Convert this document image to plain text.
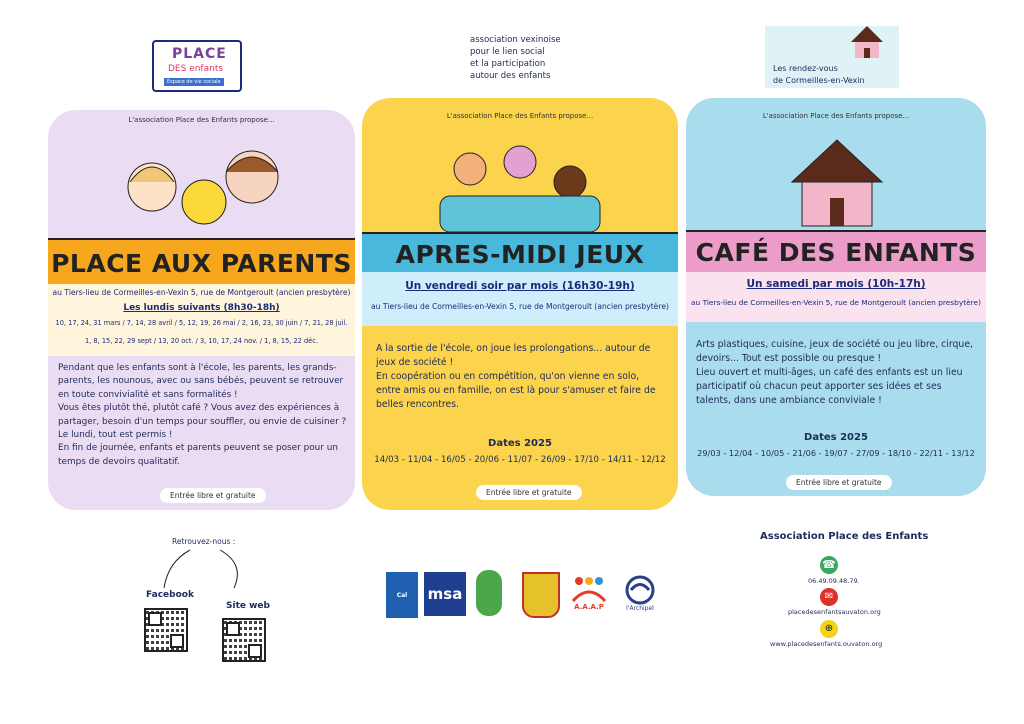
PLACE
DES enfants
Espace de vie sociale
association vexinoise
pour le lien social
et la participation
autour des enfants
Les rendez-vous
de Cormeilles-en-Vexin
L'association Place des Enfants propose...
PLACE AUX PARENTS
au Tiers-lieu de Cormeilles-en-Vexin 5, rue de Montgeroult (ancien presbytère)
Les lundis suivants (8h30-18h)
10, 17, 24, 31 mars / 7, 14, 28 avril / 5, 12, 19, 26 mai / 2, 16, 23, 30 juin / 7, 21, 28 juil.
1, 8, 15, 22, 29 sept / 13, 20 oct. / 3, 10, 17, 24 nov. / 1, 8, 15, 22 déc.
Pendant que les enfants sont à l'école, les parents, les grands-parents, les nounous, avec ou sans bébés, peuvent se retrouver en toute convivialité et sans formalités !
Vous êtes plutôt thé, plutôt café ? Vous avez des expériences à partager, besoin d'un temps pour souffler, ou envie de cuisiner ?
Le lundi, tout est permis !
En fin de journée, enfants et parents peuvent se poser pour un temps de devoirs qualitatif.
Entrée libre et gratuite
L'association Place des Enfants propose...
APRES-MIDI JEUX
Un vendredi soir par mois (16h30-19h)
au Tiers-lieu de Cormeilles-en-Vexin 5, rue de Montgeroult (ancien presbytère)
A la sortie de l'école, on joue les prolongations... autour de jeux de société !
En coopération ou en compétition, qu'on vienne en solo, entre amis ou en famille, on est là pour s'amuser et faire de belles rencontres.
Dates 2025
14/03 - 11/04 - 16/05 - 20/06 - 11/07 - 26/09 - 17/10 - 14/11 - 12/12
Entrée libre et gratuite
L'association Place des Enfants propose...
CAFÉ DES ENFANTS
Un samedi par mois (10h-17h)
au Tiers-lieu de Cormeilles-en-Vexin 5, rue de Montgeroult (ancien presbytère)
Arts plastiques, cuisine, jeux de société ou jeu libre, cirque, devoirs... Tout est possible ou presque !
Lieu ouvert et multi-âges, un café des enfants est un lieu participatif où chacun peut apporter ses idées et ses talents, dans une ambiance conviviale !
Dates 2025
29/03 - 12/04 - 10/05 - 21/06 - 19/07 - 27/09 - 18/10 - 22/11 - 13/12
Entrée libre et gratuite
Retrouvez-nous :
Facebook
Site web
Cal msa
A.A.A.P	l'Archipel
Association Place des Enfants
☎
06.49.09.48.79.
✉
placedesenfantsauvaton.org
⊕
www.placedesenfants.ouvaton.org
